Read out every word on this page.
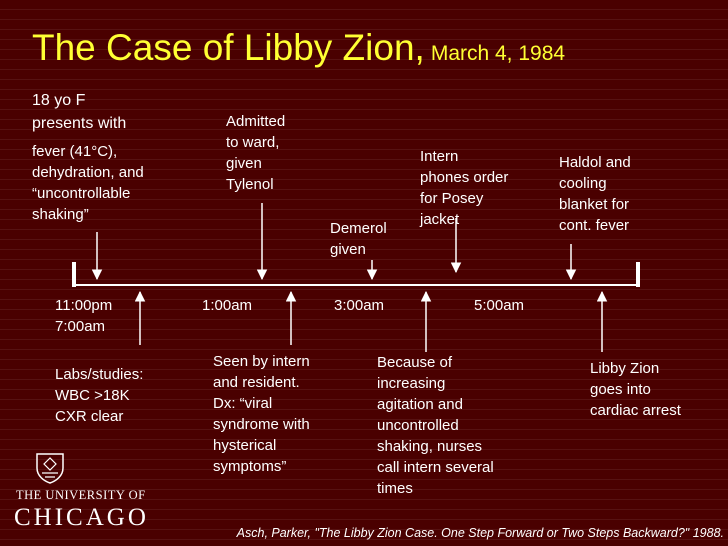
The Case of Libby Zion, March 4, 1984
18 yo F
presents with
fever (41°C),
dehydration, and
“uncontrollable
shaking”
Admitted
to ward,
given
Tylenol
Demerol
given
Intern
phones order
for Posey
jacket
Haldol and
cooling
blanket for
cont. fever
11:00pm
7:00am
1:00am	3:00am	5:00am
Labs/studies:
WBC >18K
CXR clear
Seen by intern
and resident.
Dx: “viral
syndrome with
hysterical
symptoms”
Because of
increasing
agitation and
uncontrolled
shaking, nurses
call intern several
times
Libby Zion
goes into
cardiac arrest
THE UNIVERSITY OF
CHICAGO
Asch, Parker, "The Libby Zion Case. One Step Forward or Two Steps Backward?" 1988.
